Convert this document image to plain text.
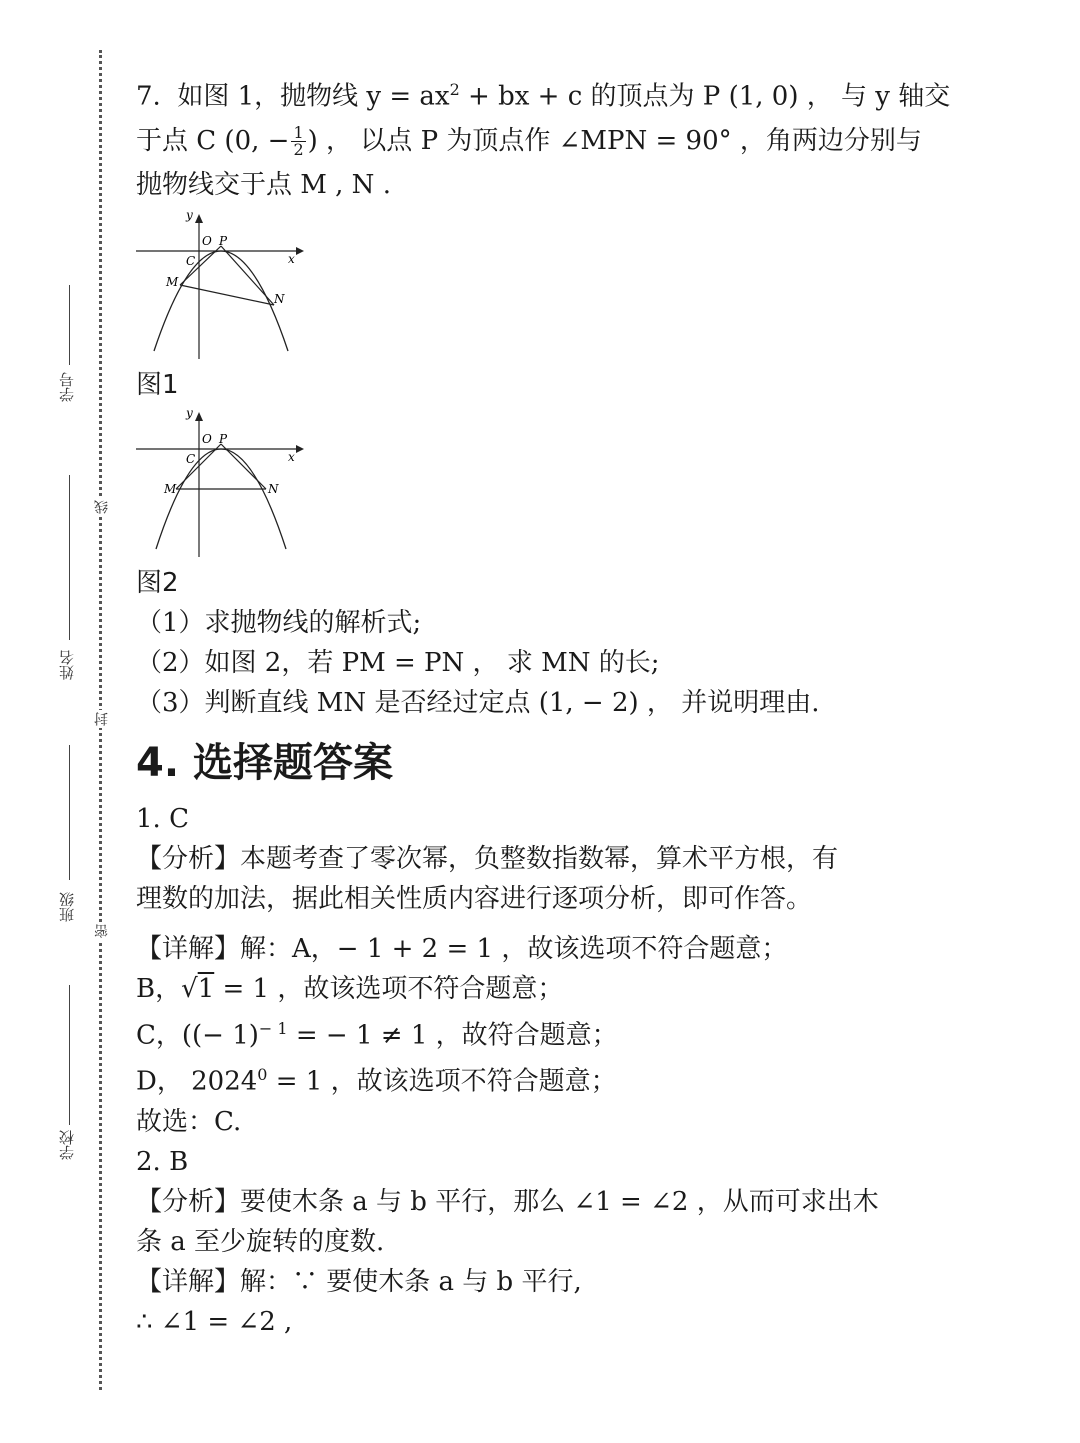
学号
姓名
班级
学校
线
封
密
7. 如图 1，抛物线 $y = ax^2$ + bx + c 的顶点为 P (1, 0) ， 与 y 轴交
于点 C (0, − $\frac{1}{2}$ ) ， 以点 P 为顶点作 ∠MPN = 90° ，角两边分别与
抛物线交于点 M , N .
y
O P
x
C
M
N
图1
y
O P
x
C
M	N
图2
（1）求抛物线的解析式;
（2）如图 2，若 PM = PN ， 求 MN 的长;
（3）判断直线 MN 是否经过定点 (1, − 2) ， 并说明理由.
4. 选择题答案
1. C
【分析】本题考查了零次幂，负整数指数幂，算术平方根，有
理数的加法，据此相关性质内容进行逐项分析，即可作答。
【详解】解：A，− 1 + 2 = 1 ，故该选项不符合题意；
B，√1 = 1 ，故该选项不符合题意；
C，((− 1)$^{- 1}$ = − 1 ≠ 1 ，故符合题意；
D， $2024^0 = 1$ ，故该选项不符合题意；
故选：C.
2. B
【分析】要使木条 a 与 b 平行，那么 ∠1 = ∠2 ，从而可求出木
条 a 至少旋转的度数.
【详解】解：∵ 要使木条 a 与 b 平行,
∴ ∠1 = ∠2 ,
